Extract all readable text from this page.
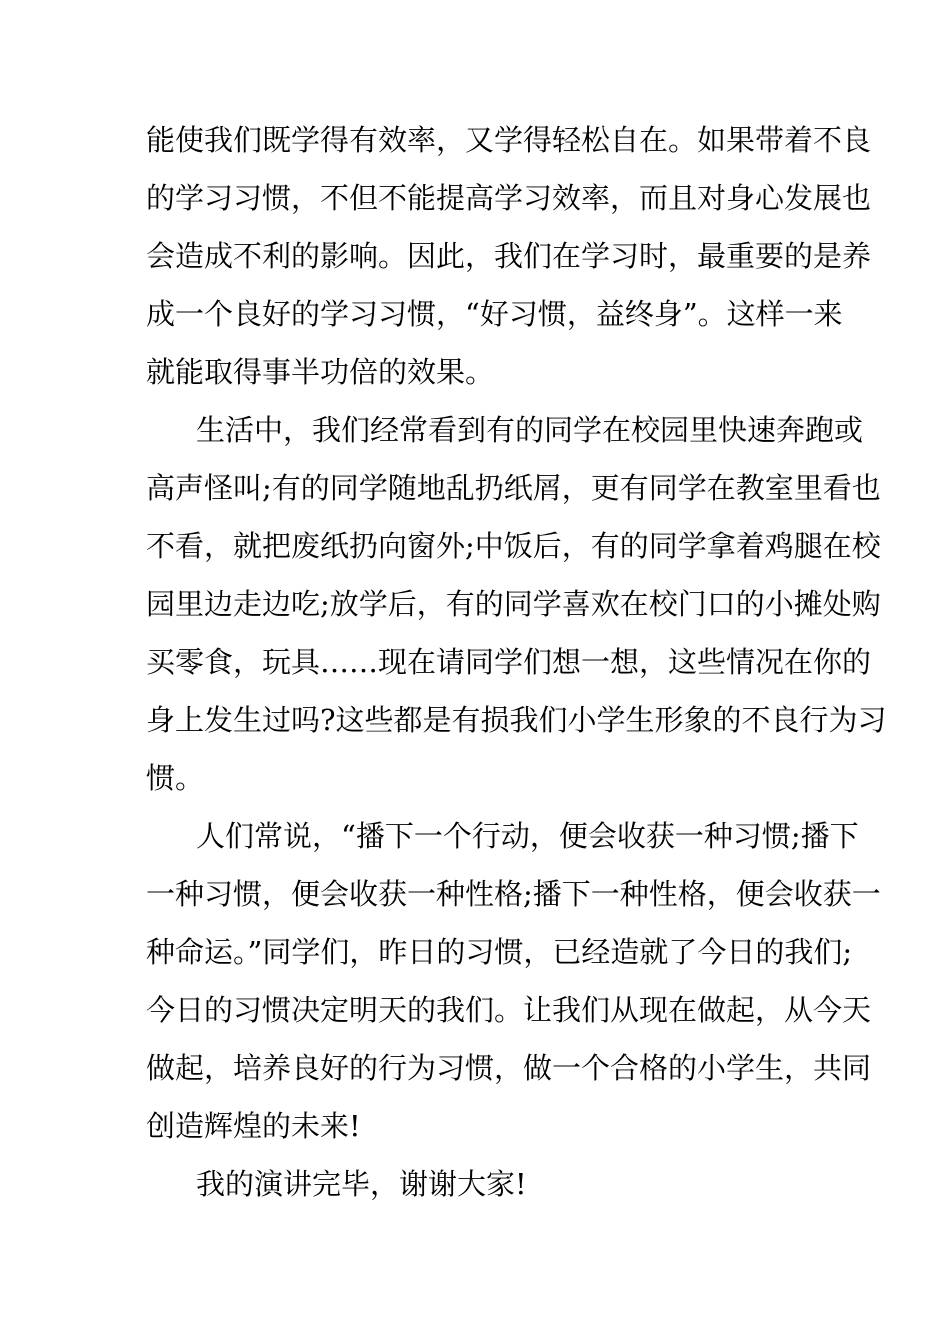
能使我们既学得有效率，又学得轻松自在。如果带着不良
的学习习惯，不但不能提高学习效率，而且对身心发展也
会造成不利的影响。因此，我们在学习时，最重要的是养
成一个良好的学习习惯，“好习惯，益终身”。这样一来
就能取得事半功倍的效果。
生活中，我们经常看到有的同学在校园里快速奔跑或
高声怪叫;有的同学随地乱扔纸屑，更有同学在教室里看也
不看，就把废纸扔向窗外;中饭后，有的同学拿着鸡腿在校
园里边走边吃;放学后，有的同学喜欢在校门口的小摊处购
买零食，玩具……现在请同学们想一想，这些情况在你的
身上发生过吗?这些都是有损我们小学生形象的不良行为习
惯。
人们常说，“播下一个行动，便会收获一种习惯;播下
一种习惯，便会收获一种性格;播下一种性格，便会收获一
种命运。”同学们，昨日的习惯，已经造就了今日的我们;
今日的习惯决定明天的我们。让我们从现在做起，从今天
做起，培养良好的行为习惯，做一个合格的小学生，共同
创造辉煌的未来!
我的演讲完毕，谢谢大家!
